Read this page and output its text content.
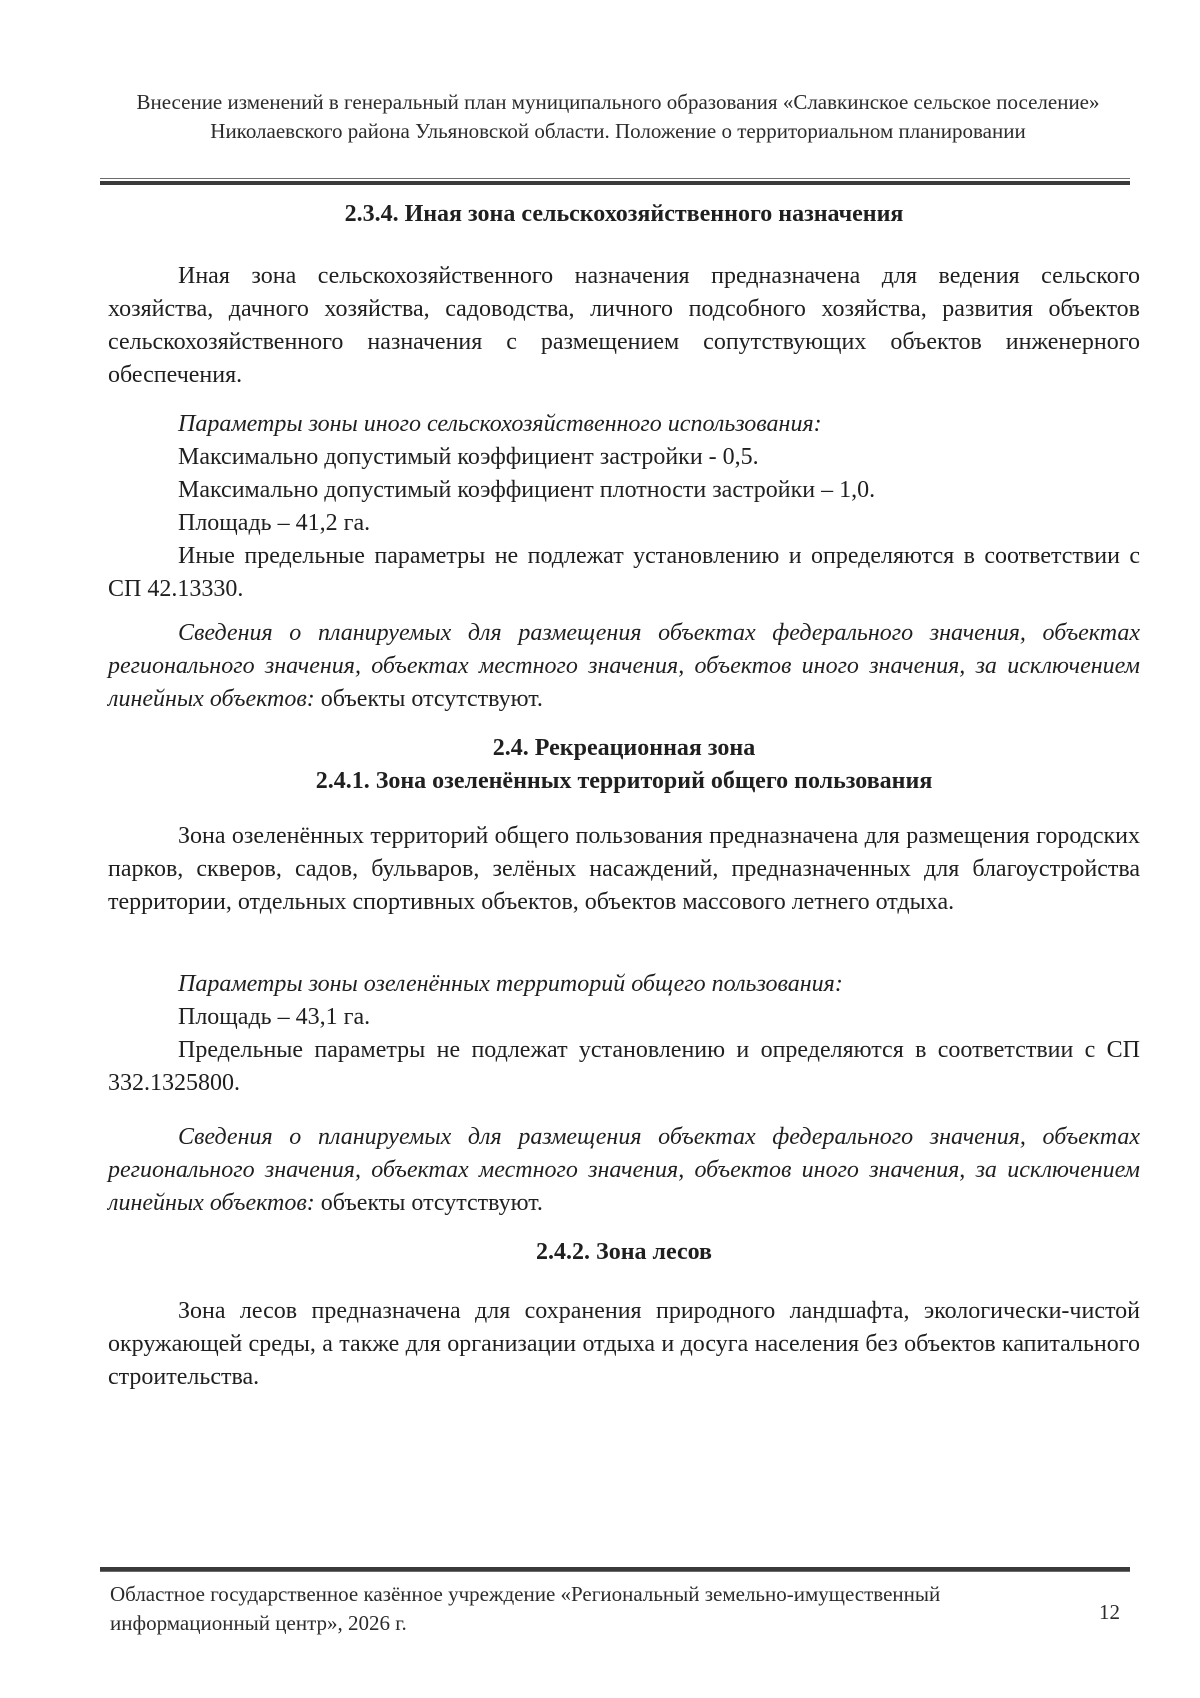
Внесение изменений в генеральный план муниципального образования «Славкинское сельское поселение» Николаевского района Ульяновской области. Положение о территориальном планировании
2.3.4. Иная зона сельскохозяйственного назначения

Иная зона сельскохозяйственного назначения предназначена для ведения сельского хозяйства, дачного хозяйства, садоводства, личного подсобного хозяйства, развития объектов сельскохозяйственного назначения с размещением сопутствующих объектов инженерного обеспечения.

Параметры зоны иного сельскохозяйственного использования:

Максимально допустимый коэффициент застройки - 0,5.

Максимально допустимый коэффициент плотности застройки – 1,0.

Площадь – 41,2 га.

Иные предельные параметры не подлежат установлению и определяются в соответствии с СП 42.13330.

Сведения о планируемых для размещения объектах федерального значения, объектах регионального значения, объектах местного значения, объектов иного значения, за исключением линейных объектов: объекты отсутствуют.

2.4. Рекреационная зона
2.4.1. Зона озеленённых территорий общего пользования

Зона озеленённых территорий общего пользования предназначена для размещения городских парков, скверов, садов, бульваров, зелёных насаждений, предназначенных для благоустройства территории, отдельных спортивных объектов, объектов массового летнего отдыха.

Параметры зоны озеленённых территорий общего пользования:

Площадь – 43,1 га.

Предельные параметры не подлежат установлению и определяются в соответствии с СП 332.1325800.

Сведения о планируемых для размещения объектах федерального значения, объектах регионального значения, объектах местного значения, объектов иного значения, за исключением линейных объектов: объекты отсутствуют.

2.4.2. Зона лесов

Зона лесов предназначена для сохранения природного ландшафта, экологически-чистой окружающей среды, а также для организации отдыха и досуга населения без объектов капитального строительства.

Областное государственное казённое учреждение «Региональный земельно-имущественный информационный центр», 2026 г.	12
